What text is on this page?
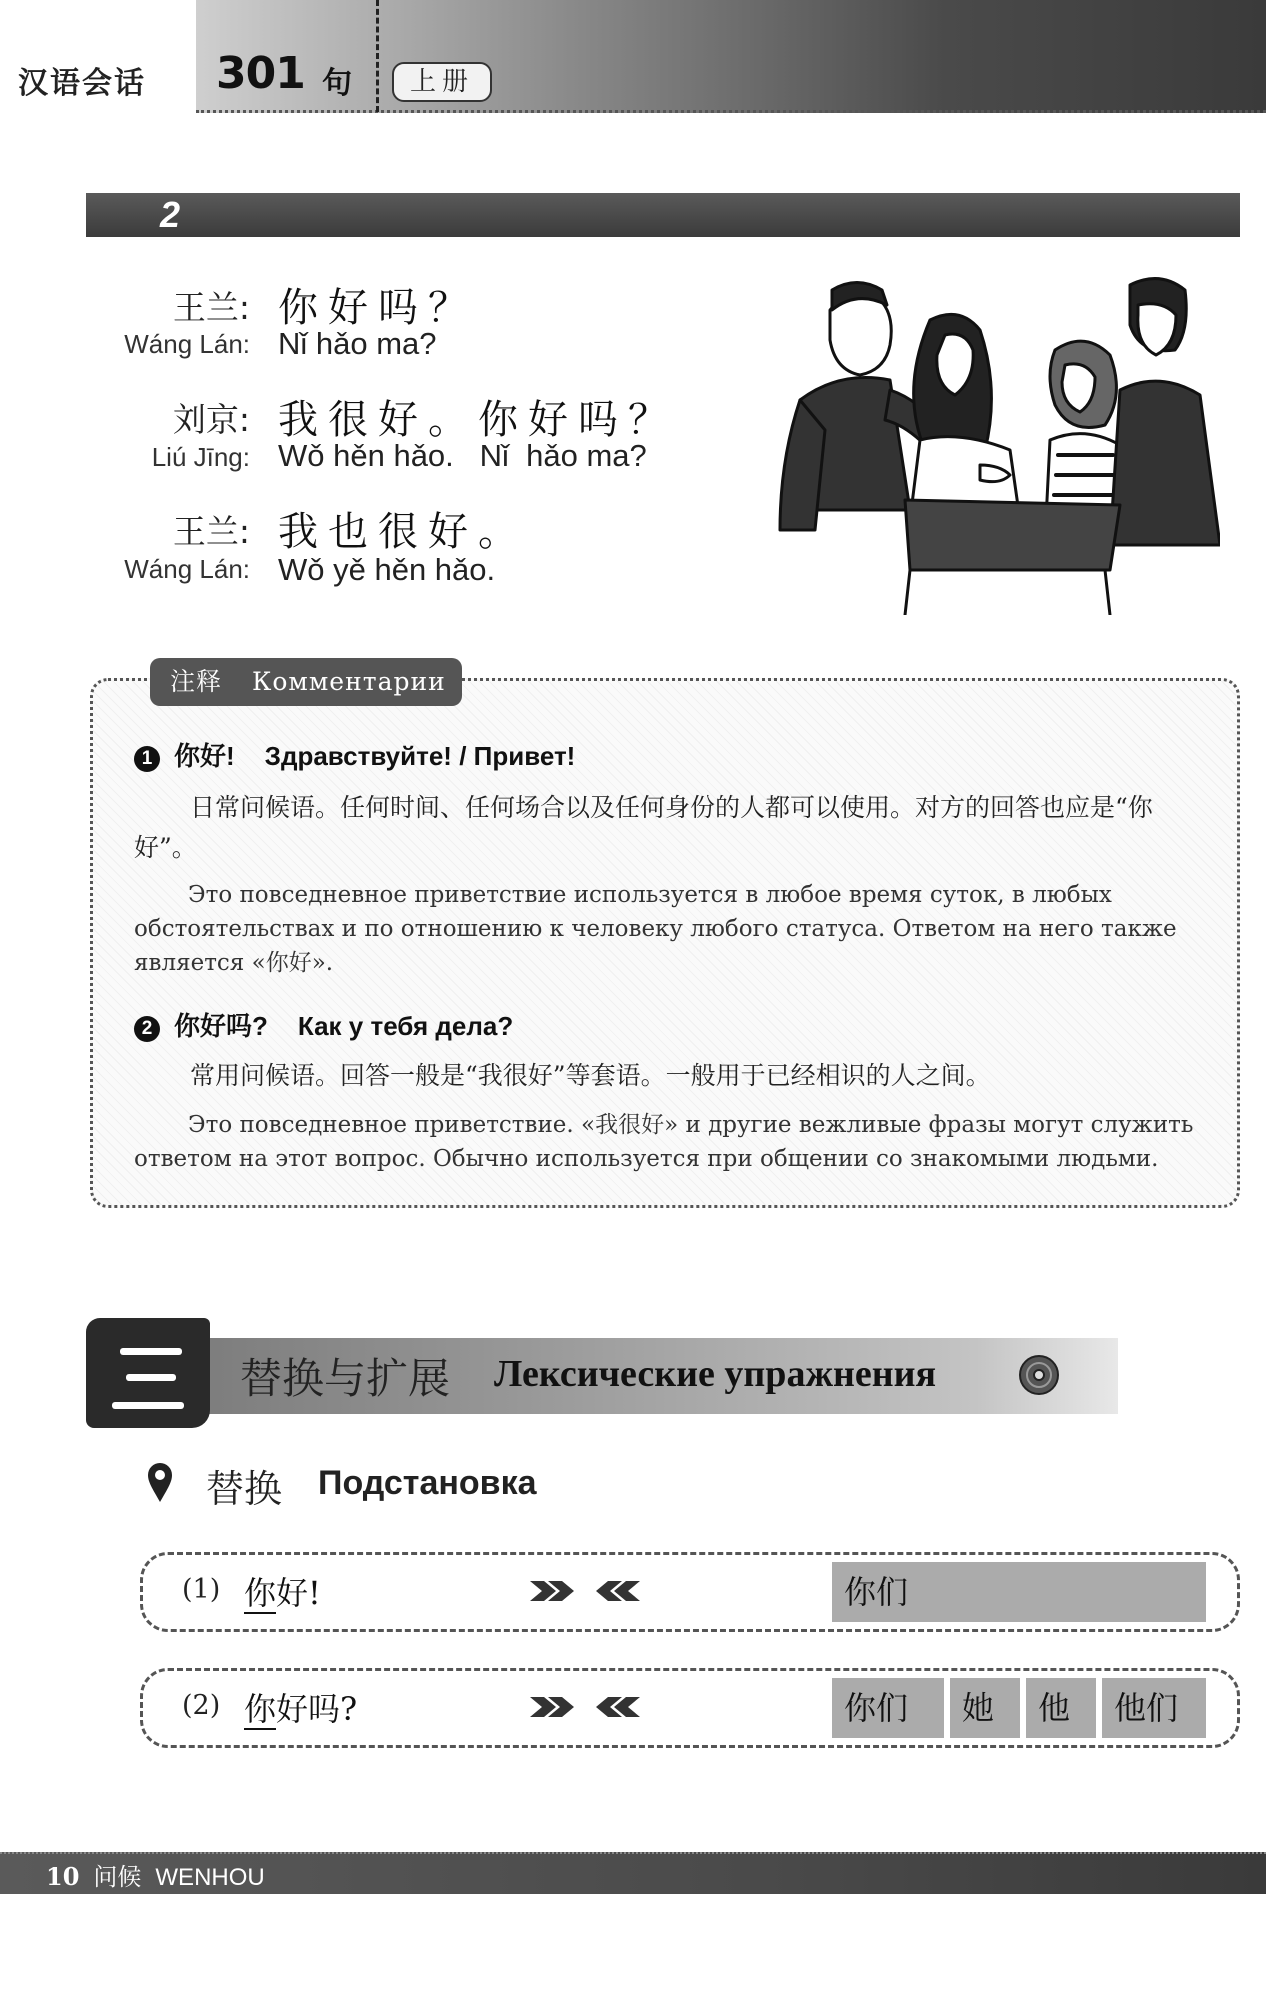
汉语会话 301 句	上册
2
王兰: 你好吗？
Wáng Lán: Nǐ hǎo ma?
刘京: 我很好。你好吗？
Liú Jīng: Wǒ hěn hǎo.   Nǐ  hǎo ma?
王兰: 我也很好。
Wáng Lán: Wǒ yě hěn hǎo.
注释 Комментарии
1 你好! Здравствуйте! / Привет!
日常问候语。任何时间、任何场合以及任何身份的人都可以使用。对方的回答也应是“你好”。
Это повседневное приветствие используется в любое время суток, в любых обстоятельствах и по отношению к человеку любого статуса. Ответом на него также является «你好».
2 你好吗? Как у тебя дела?
常用问候语。回答一般是“我很好”等套语。一般用于已经相识的人之间。
Это повседневное приветствие. «我很好» и другие вежливые фразы могут служить ответом на этот вопрос. Обычно используется при общении со знакомыми людьми.
替换与扩展 Лексические упражнения
替换 Подстановка
(1) 你好!	你们
(2) 你好吗?	你们	她	他	他们
10 问候 WENHOU
